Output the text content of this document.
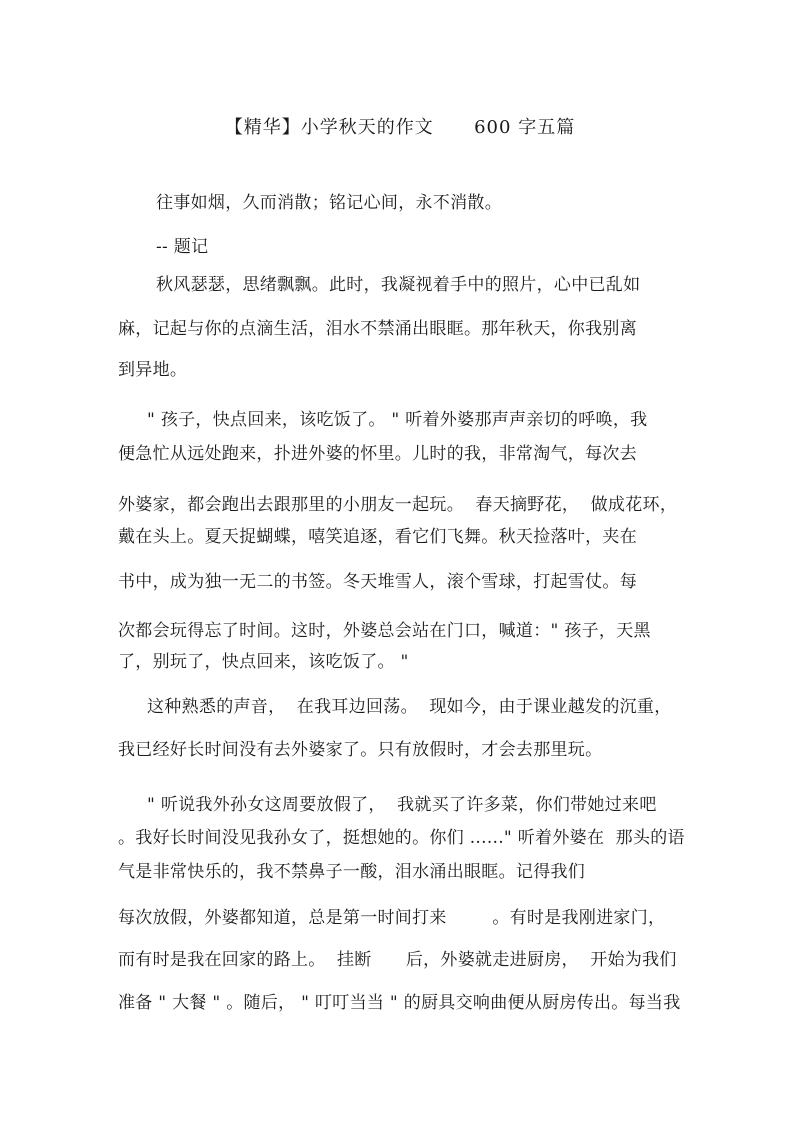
【精华】小学秋天的作文      600 字五篇
往事如烟，久而消散；铭记心间，永不消散。
-- 题记
秋风瑟瑟，思绪飘飘。此时，我凝视着手中的照片，心中已乱如
麻，记起与你的点滴生活，泪水不禁涌出眼眶。那年秋天，你我别离
到异地。
" 孩子，快点回来，该吃饭了。 " 听着外婆那声声亲切的呼唤，我
便急忙从远处跑来，扑进外婆的怀里。儿时的我，非常淘气，每次去
外婆家，都会跑出去跟那里的小朋友一起玩。  春天摘野花，  做成花环，
戴在头上。夏天捉蝴蝶，嘻笑追逐，看它们飞舞。秋天捡落叶，夹在
书中，成为独一无二的书签。冬天堆雪人，滚个雪球，打起雪仗。每
次都会玩得忘了时间。这时，外婆总会站在门口，喊道：" 孩子，天黑
了，别玩了，快点回来，该吃饭了。 "
这种熟悉的声音，  在我耳边回荡。  现如今，由于课业越发的沉重，
我已经好长时间没有去外婆家了。只有放假时，才会去那里玩。
" 听说我外孙女这周要放假了，  我就买了许多菜，你们带她过来吧
。我好长时间没见我孙女了，挺想她的。你们 ......" 听着外婆在  那头的语
气是非常快乐的，我不禁鼻子一酸，泪水涌出眼眶。记得我们
每次放假，外婆都知道，总是第一时间打来        。有时是我刚进家门，
而有时是我在回家的路上。  挂断      后，外婆就走进厨房，  开始为我们
准备 " 大餐 " 。随后， " 叮叮当当 " 的厨具交响曲便从厨房传出。每当我
